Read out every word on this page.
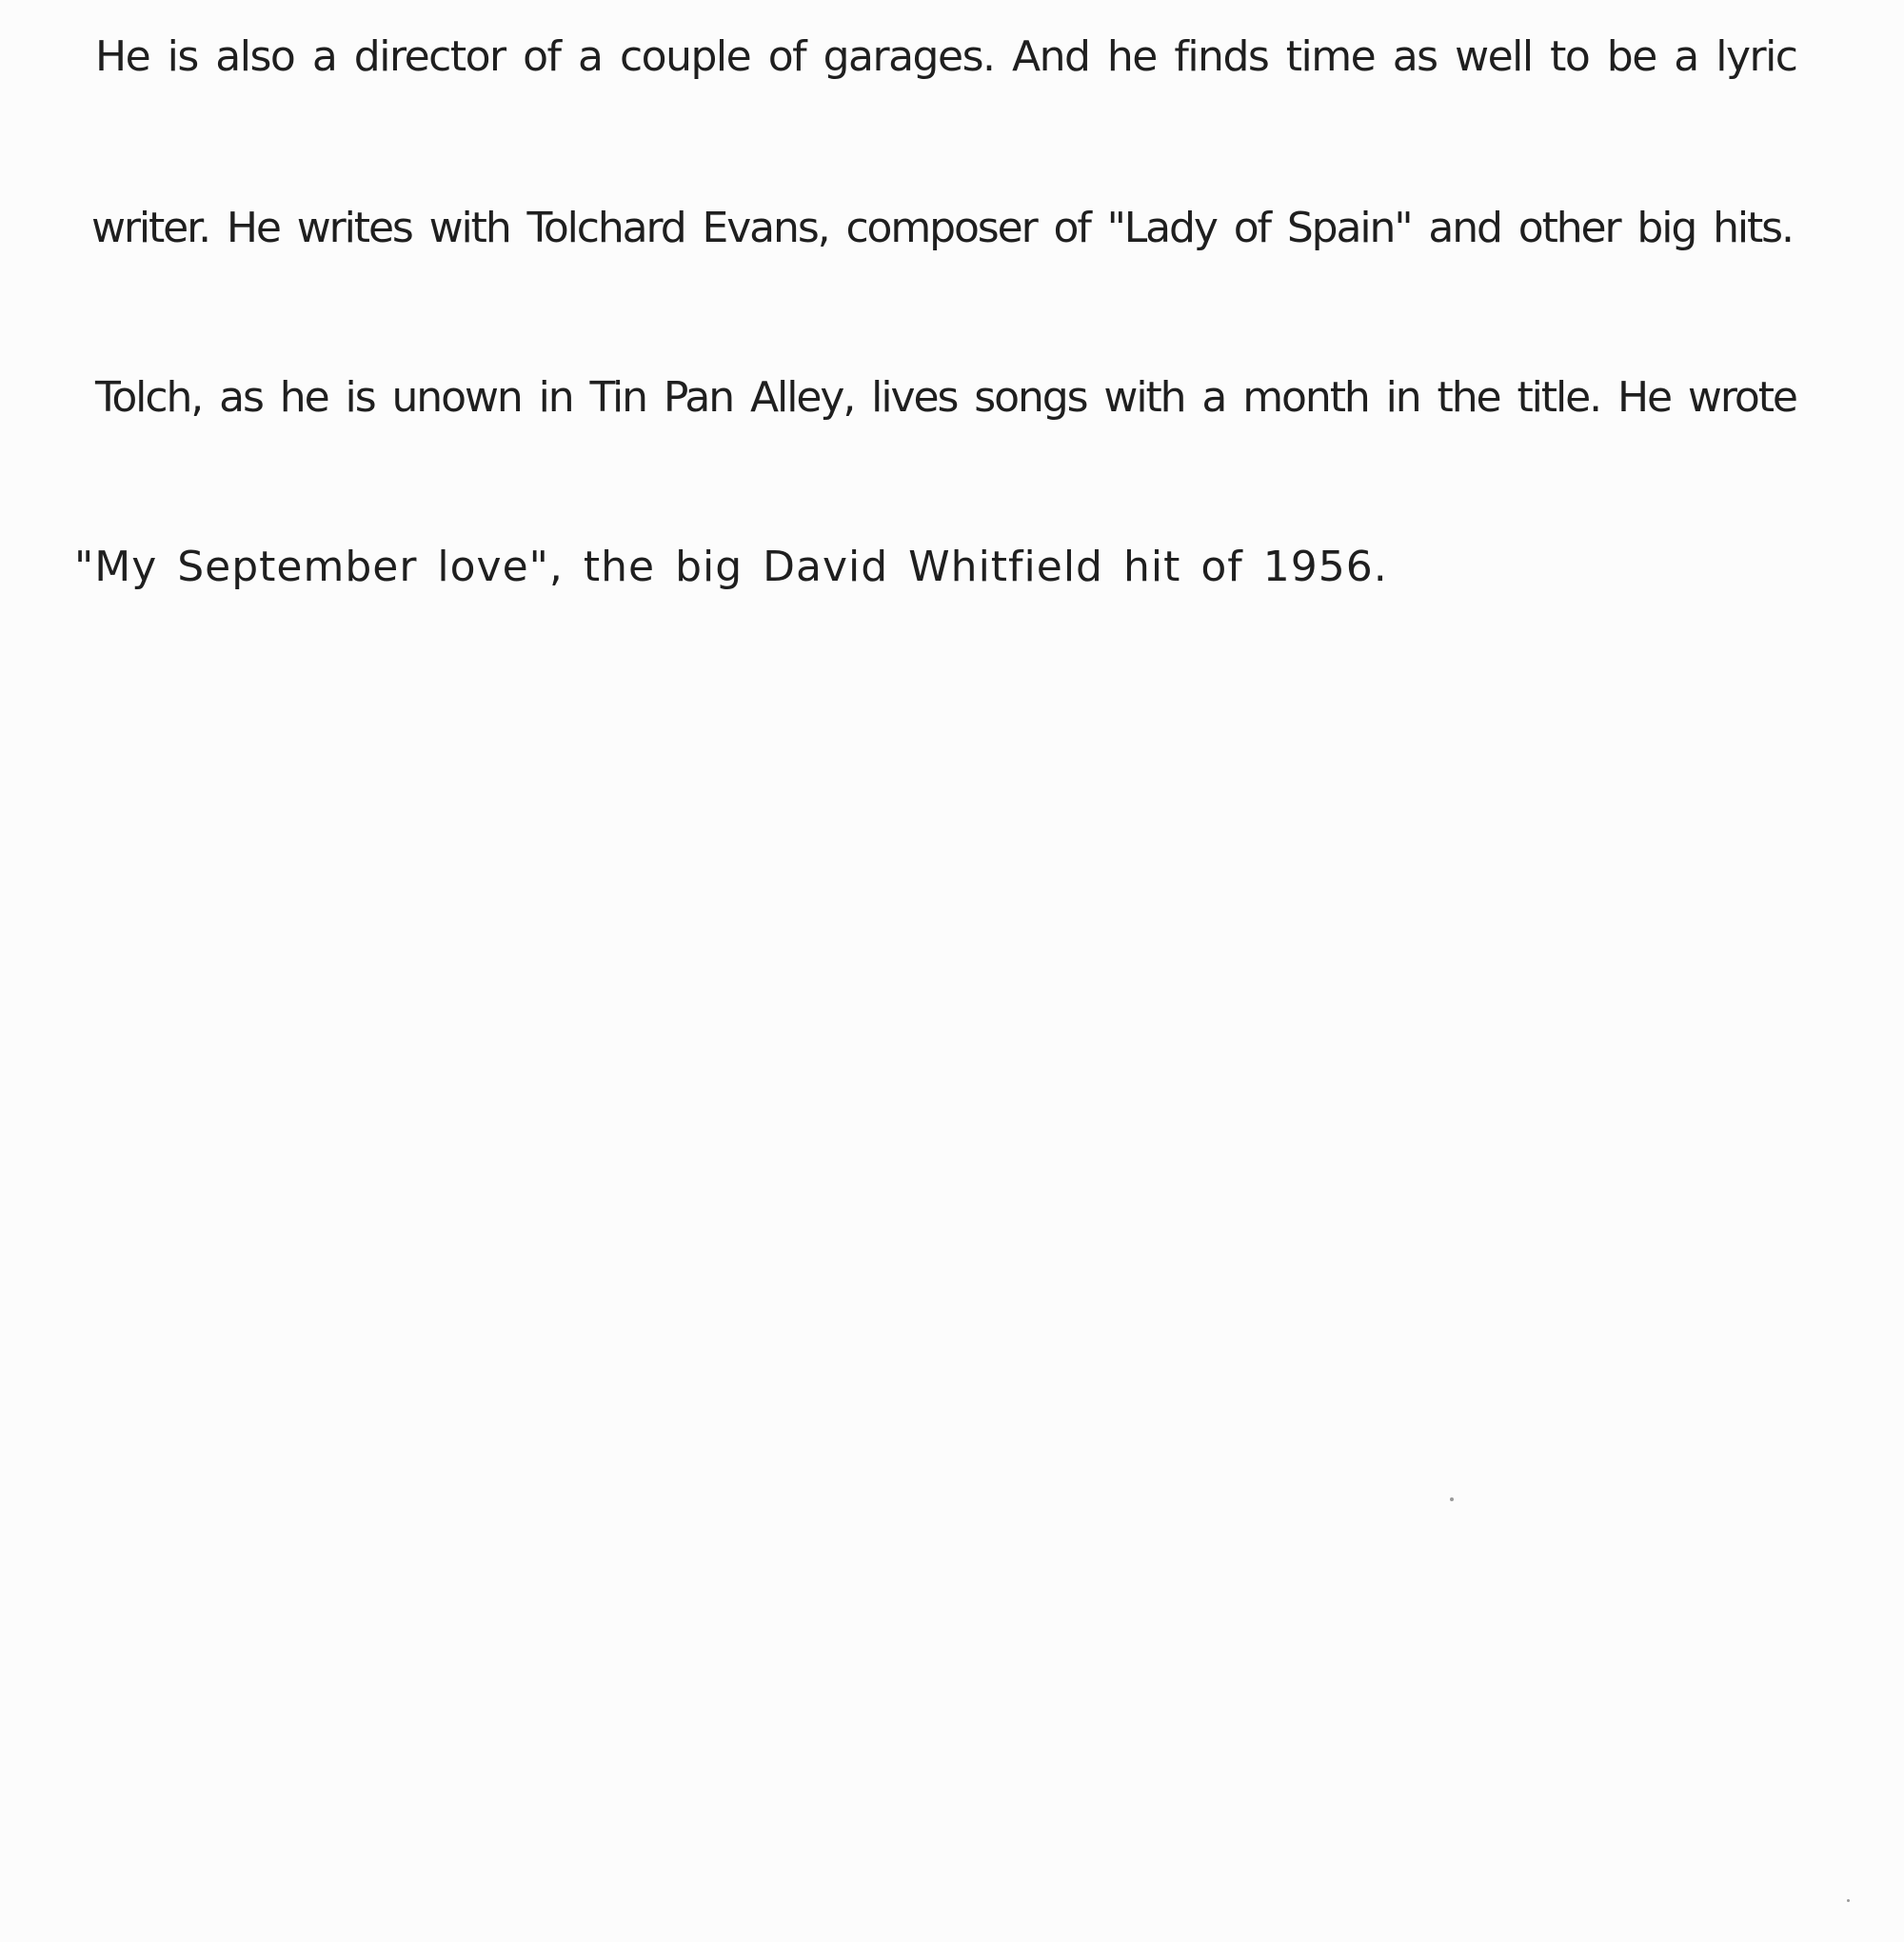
He is also a director of a couple of garages. And he finds time as well to be a lyric

writer. He writes with Tolchard Evans, composer of "Lady of Spain" and other big hits.

Tolch, as he is unown in Tin Pan Alley, lives songs with a month in the title. He wrote

"My September love", the big David Whitfield hit of 1956.
